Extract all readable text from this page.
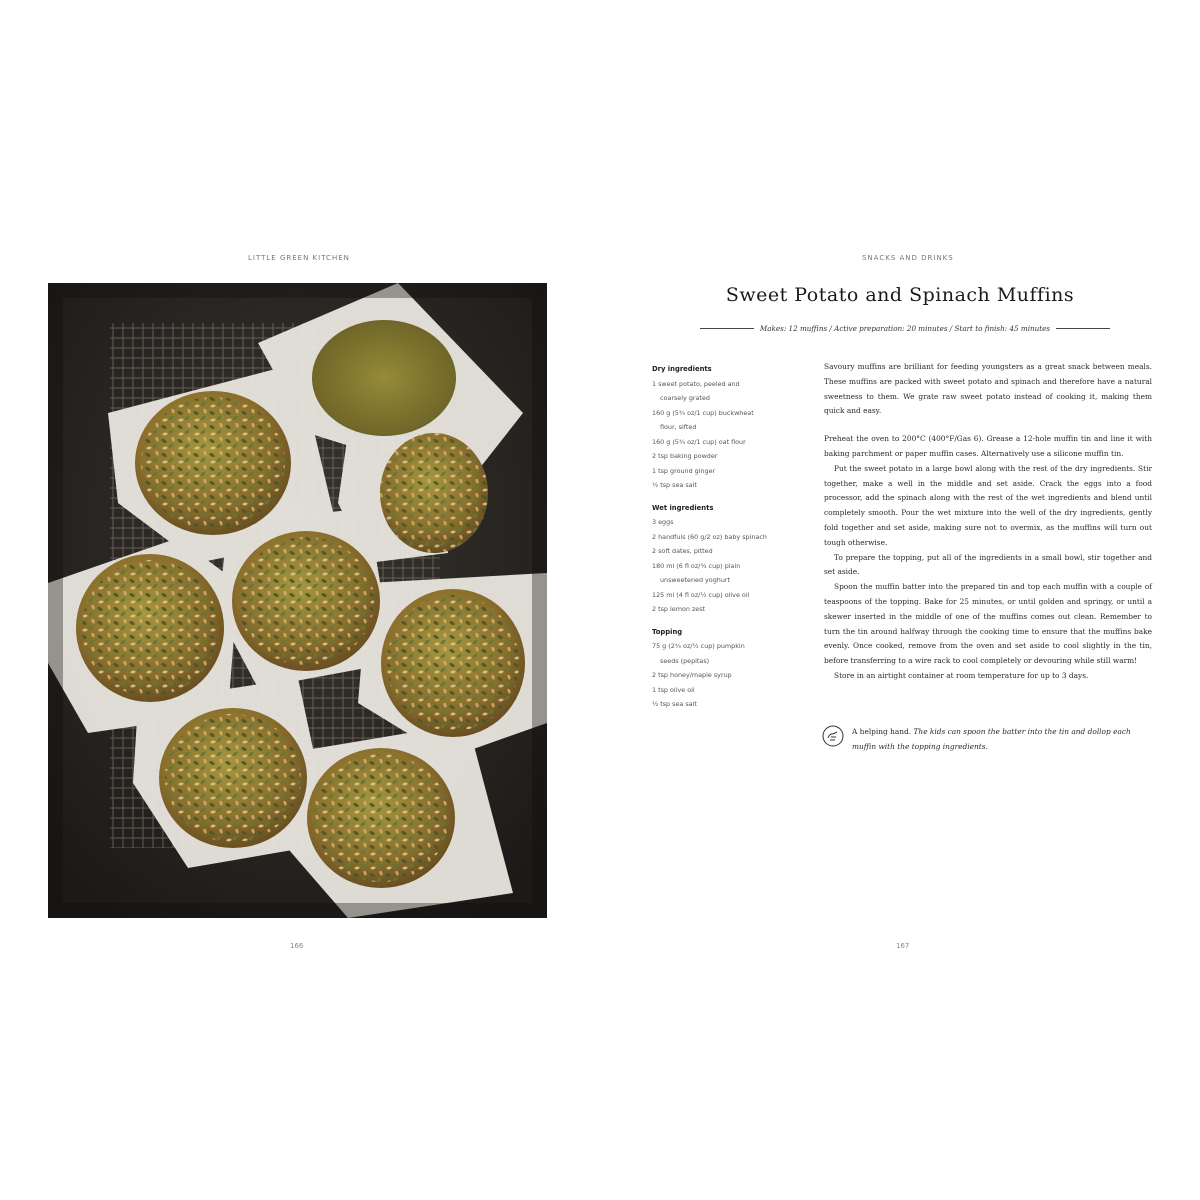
LITTLE GREEN KITCHEN
166
SNACKS AND DRINKS
Sweet Potato and Spinach Muffins
Makes: 12 muffins / Active preparation: 20 minutes / Start to finish: 45 minutes
Dry ingredients
1 sweet potato, peeled and
coarsely grated
160 g (5¾ oz/1 cup) buckwheat
flour, sifted
160 g (5¾ oz/1 cup) oat flour
2 tsp baking powder
1 tsp ground ginger
½ tsp sea salt
Wet ingredients
3 eggs
2 handfuls (60 g/2 oz) baby spinach
2 soft dates, pitted
180 ml (6 fl oz/¾ cup) plain
unsweetened yoghurt
125 ml (4 fl oz/½ cup) olive oil
2 tsp lemon zest
Topping
75 g (2¾ oz/½ cup) pumpkin
seeds (pepitas)
2 tsp honey/maple syrup
1 tsp olive oil
½ tsp sea salt

Savoury muffins are brilliant for feeding youngsters as a great snack between meals. These muffins are packed with sweet potato and spinach and therefore have a natural sweetness to them. We grate raw sweet potato instead of cooking it, making them quick and easy.

Preheat the oven to 200°C (400°F/Gas 6). Grease a 12-hole muffin tin and line it with baking parchment or paper muffin cases. Alternatively use a silicone muffin tin.

Put the sweet potato in a large bowl along with the rest of the dry ingredients. Stir together, make a well in the middle and set aside. Crack the eggs into a food processor, add the spinach along with the rest of the wet ingredients and blend until completely smooth. Pour the wet mixture into the well of the dry ingredients, gently fold together and set aside, making sure not to overmix, as the muffins will turn out tough otherwise.

To prepare the topping, put all of the ingredients in a small bowl, stir together and set aside.

Spoon the muffin batter into the prepared tin and top each muffin with a couple of teaspoons of the topping. Bake for 25 minutes, or until golden and springy, or until a skewer inserted in the middle of one of the muffins comes out clean. Remember to turn the tin around halfway through the cooking time to ensure that the muffins bake evenly. Once cooked, remove from the oven and set aside to cool slightly in the tin, before transferring to a wire rack to cool completely or devouring while still warm!

Store in an airtight container at room temperature for up to 3 days.

A helping hand. The kids can spoon the batter into the tin and dollop each muffin with the topping ingredients.
167
